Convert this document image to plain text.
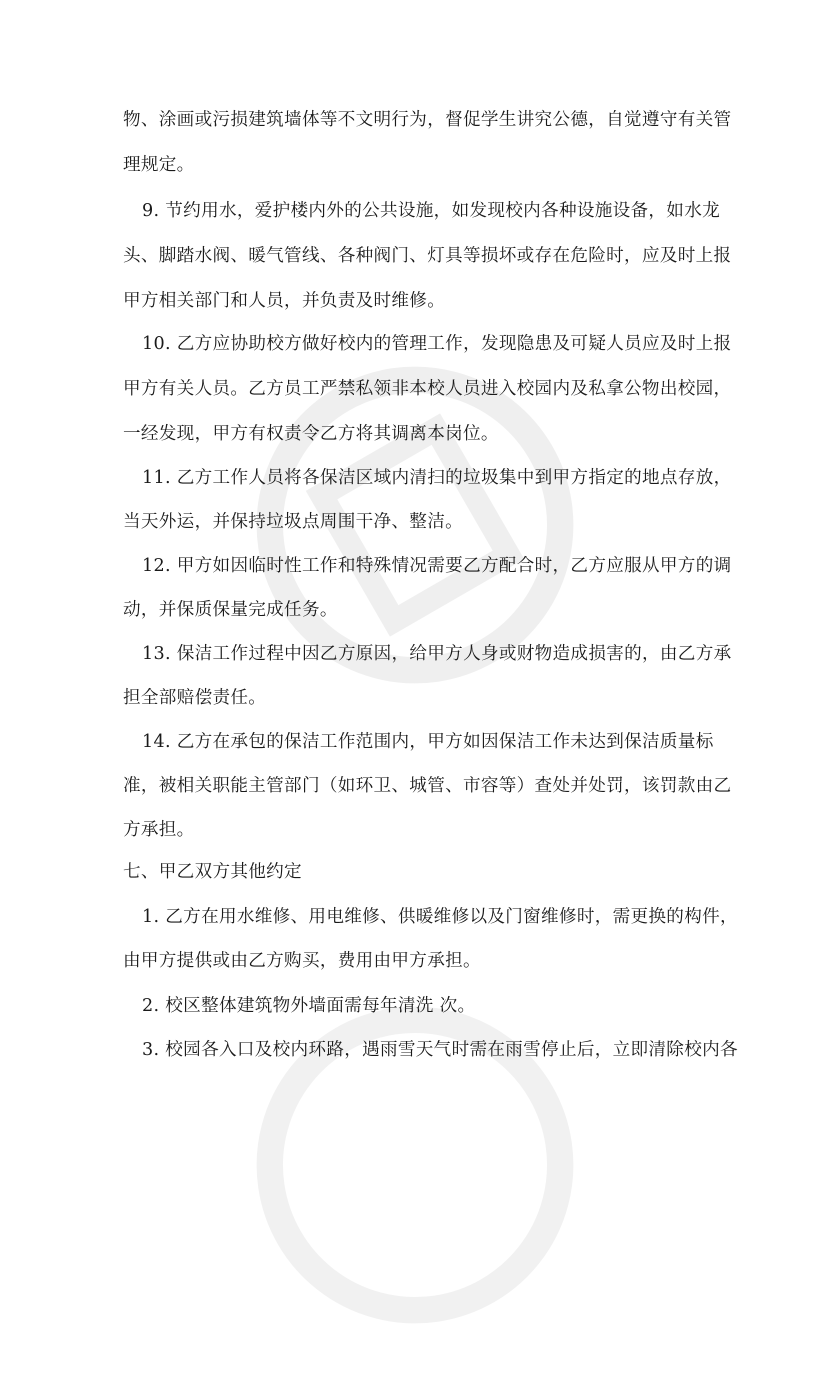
物、涂画或污损建筑墙体等不文明行为，督促学生讲究公德，自觉遵守有关管
理规定。
9. 节约用水，爱护楼内外的公共设施，如发现校内各种设施设备，如水龙
头、脚踏水阀、暖气管线、各种阀门、灯具等损坏或存在危险时，应及时上报
甲方相关部门和人员，并负责及时维修。
10. 乙方应协助校方做好校内的管理工作，发现隐患及可疑人员应及时上报
甲方有关人员。乙方员工严禁私领非本校人员进入校园内及私拿公物出校园，
一经发现，甲方有权责令乙方将其调离本岗位。
11. 乙方工作人员将各保洁区域内清扫的垃圾集中到甲方指定的地点存放，
当天外运，并保持垃圾点周围干净、整洁。
12. 甲方如因临时性工作和特殊情况需要乙方配合时，乙方应服从甲方的调
动，并保质保量完成任务。
13. 保洁工作过程中因乙方原因，给甲方人身或财物造成损害的，由乙方承
担全部赔偿责任。
14. 乙方在承包的保洁工作范围内，甲方如因保洁工作未达到保洁质量标
准，被相关职能主管部门（如环卫、城管、市容等）查处并处罚，该罚款由乙
方承担。
七、甲乙双方其他约定
1. 乙方在用水维修、用电维修、供暖维修以及门窗维修时，需更换的构件，
由甲方提供或由乙方购买，费用由甲方承担。
2. 校区整体建筑物外墙面需每年清洗 次。
3. 校园各入口及校内环路，遇雨雪天气时需在雨雪停止后，立即清除校内各
